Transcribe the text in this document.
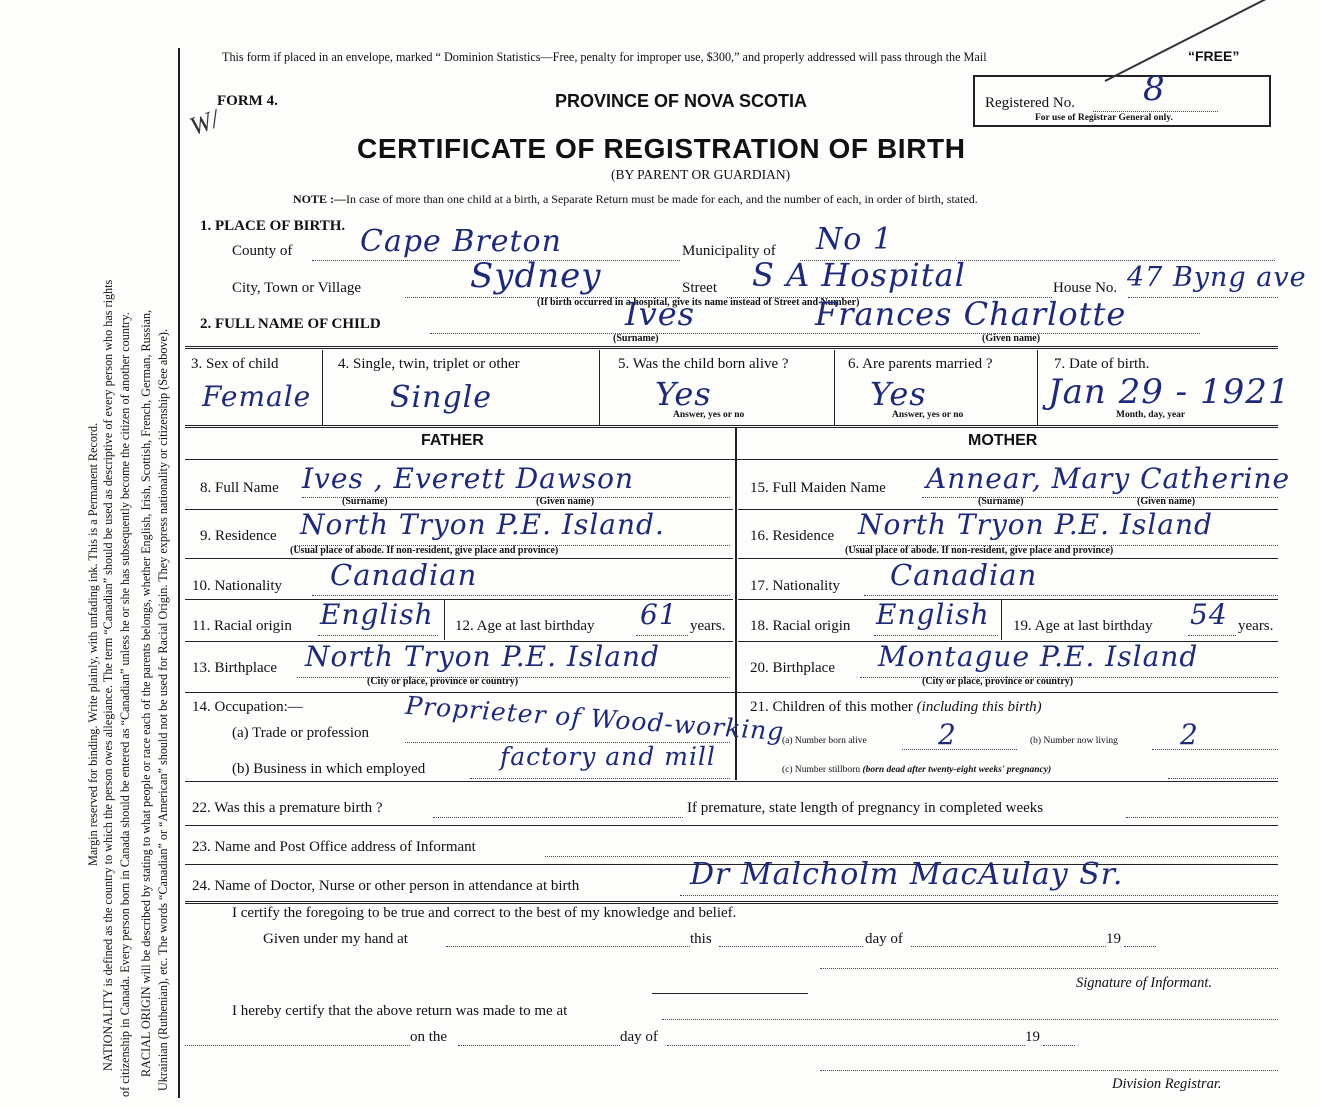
Margin reserved for binding. Write plainly, with unfading ink. This is a Permanent Record. NATIONALITY is defined as the country to which the person owes allegiance. The term “Canadian” should be used as descriptive of every person who has rights of citizenship in Canada. Every person born in Canada should be entered as “Canadian” unless he or she has subsequently become the citizen of another country. RACIAL ORIGIN will be described by stating to what people or race each of the parents belongs, whether English, Irish, Scottish, French, German, Russian, Ukrainian (Ruthenian), etc. The words “Canadian” or “American” should not be used for Racial Origin. They express nationality or citizenship (See above).
This form if placed in an envelope, marked “ Dominion Statistics—Free, penalty for improper use, $300,” and properly addressed will pass through the Mail	“FREE”
W/
FORM 4.	PROVINCE OF NOVA SCOTIA	Registered No. 8
For use of Registrar General only.
CERTIFICATE OF REGISTRATION OF BIRTH
(BY PARENT OR GUARDIAN)
NOTE :—In case of more than one child at a birth, a Separate Return must be made for each, and the number of each, in order of birth, stated.
1. PLACE OF BIRTH.
County of Cape Breton	Municipality of No 1
City, Town or Village	Sydney	Street S A Hospital	House No. 47 Byng ave
(If birth occurred in a hospital, give its name instead of Street and Number)
2. FULL NAME OF CHILD	Ives	Frances Charlotte
(Surname)	(Given name)
3. Sex of child
Female
4. Single, twin, triplet or other
Single
5. Was the child born alive ?
Yes
Answer, yes or no
6. Are parents married ?
Yes
Answer, yes or no
7. Date of birth.
Jan 29 - 1921
Month, day, year
FATHER	MOTHER
8. Full Name Ives , Everett Dawson
(Surname)	(Given name)
9. Residence North Tryon P.E. Island.
(Usual place of abode. If non-resident, give place and province)
10. Nationality Canadian
11. Racial origin English 12. Age at last birthday 61 years.
13. Birthplace North Tryon P.E. Island
(City or place, province or country)
14. Occupation:—
(a) Trade or profession Proprieter of Wood-working
(b) Business in which employed	factory and mill
15. Full Maiden Name Annear, Mary Catherine
(Surname)	(Given name)
16. Residence North Tryon P.E. Island
(Usual place of abode. If non-resident, give place and province)
17. Nationality Canadian
18. Racial origin English 19. Age at last birthday 54 years.
20. Birthplace Montague P.E. Island
(City or place, province or country)
21. Children of this mother (including this birth)
(a) Number born alive	2	(b) Number now living 2
(c) Number stillborn (born dead after twenty-eight weeks' pregnancy)
22. Was this a premature birth ?	If premature, state length of pregnancy in completed weeks
23. Name and Post Office address of Informant
24. Name of Doctor, Nurse or other person in attendance at birth	Dr Malcholm MacAulay Sr.
I certify the foregoing to be true and correct to the best of my knowledge and belief.
Given under my hand at	this	day of	19
Signature of Informant.
I hereby certify that the above return was made to me at
on the	day of	19
Division Registrar.
